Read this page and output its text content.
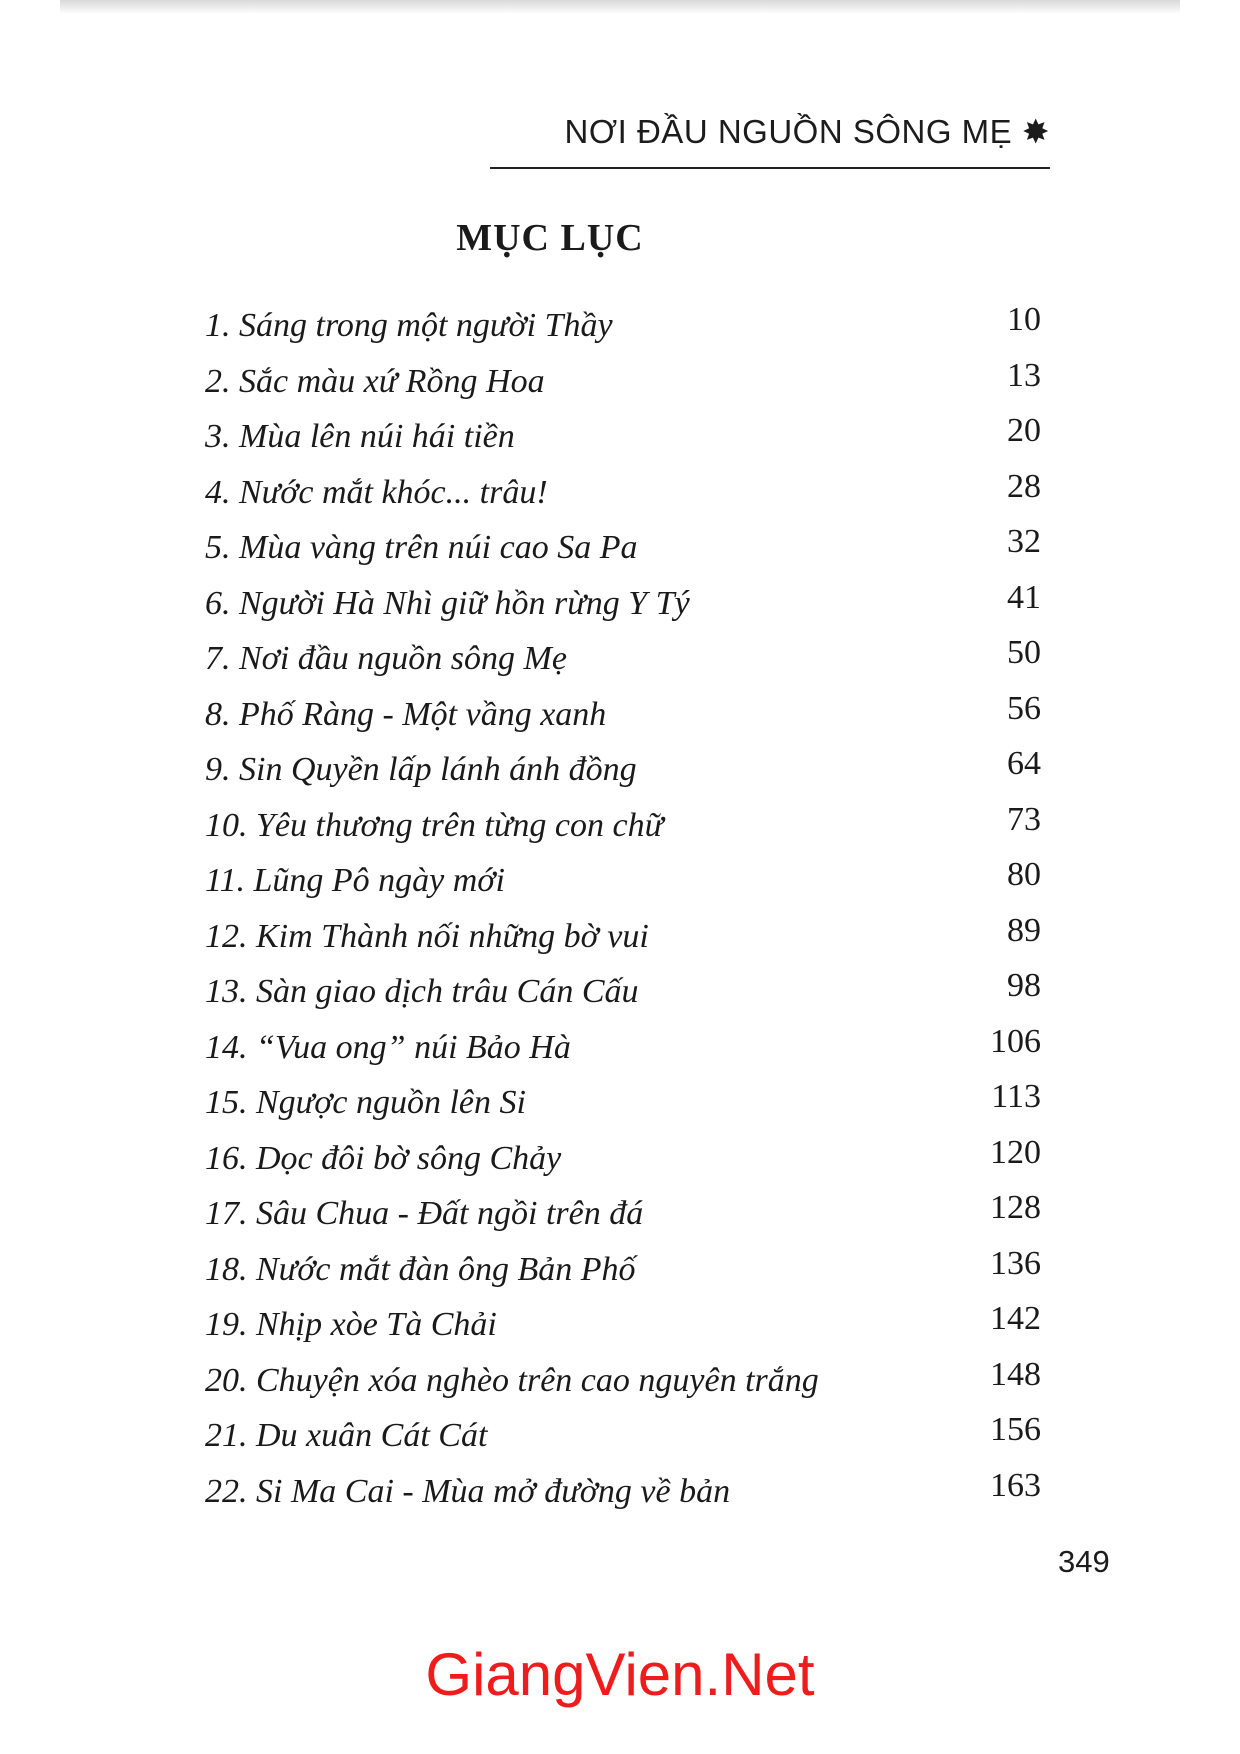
NƠI ĐẦU NGUỒN SÔNG MẸ ✸
MỤC LỤC
1. Sáng trong một người Thầy	10
2. Sắc màu xứ Rồng Hoa	13
3. Mùa lên núi hái tiền	20
4. Nước mắt khóc... trâu!	28
5. Mùa vàng trên núi cao Sa Pa	32
6. Người Hà Nhì giữ hồn rừng Y Tý	41
7. Nơi đầu nguồn sông Mẹ	50
8. Phố Ràng - Một vầng xanh	56
9. Sin Quyền lấp lánh ánh đồng	64
10. Yêu thương trên từng con chữ	73
11. Lũng Pô ngày mới	80
12. Kim Thành nối những bờ vui	89
13. Sàn giao dịch trâu Cán Cấu	98
14. “Vua ong” núi Bảo Hà	106
15. Ngược nguồn lên Si	113
16. Dọc đôi bờ sông Chảy	120
17. Sâu Chua - Đất ngồi trên đá	128
18. Nước mắt đàn ông Bản Phố	136
19. Nhịp xòe Tà Chải	142
20. Chuyện xóa nghèo trên cao nguyên trắng	148
21. Du xuân Cát Cát	156
22. Si Ma Cai - Mùa mở đường về bản	163
349
GiangVien.Net
